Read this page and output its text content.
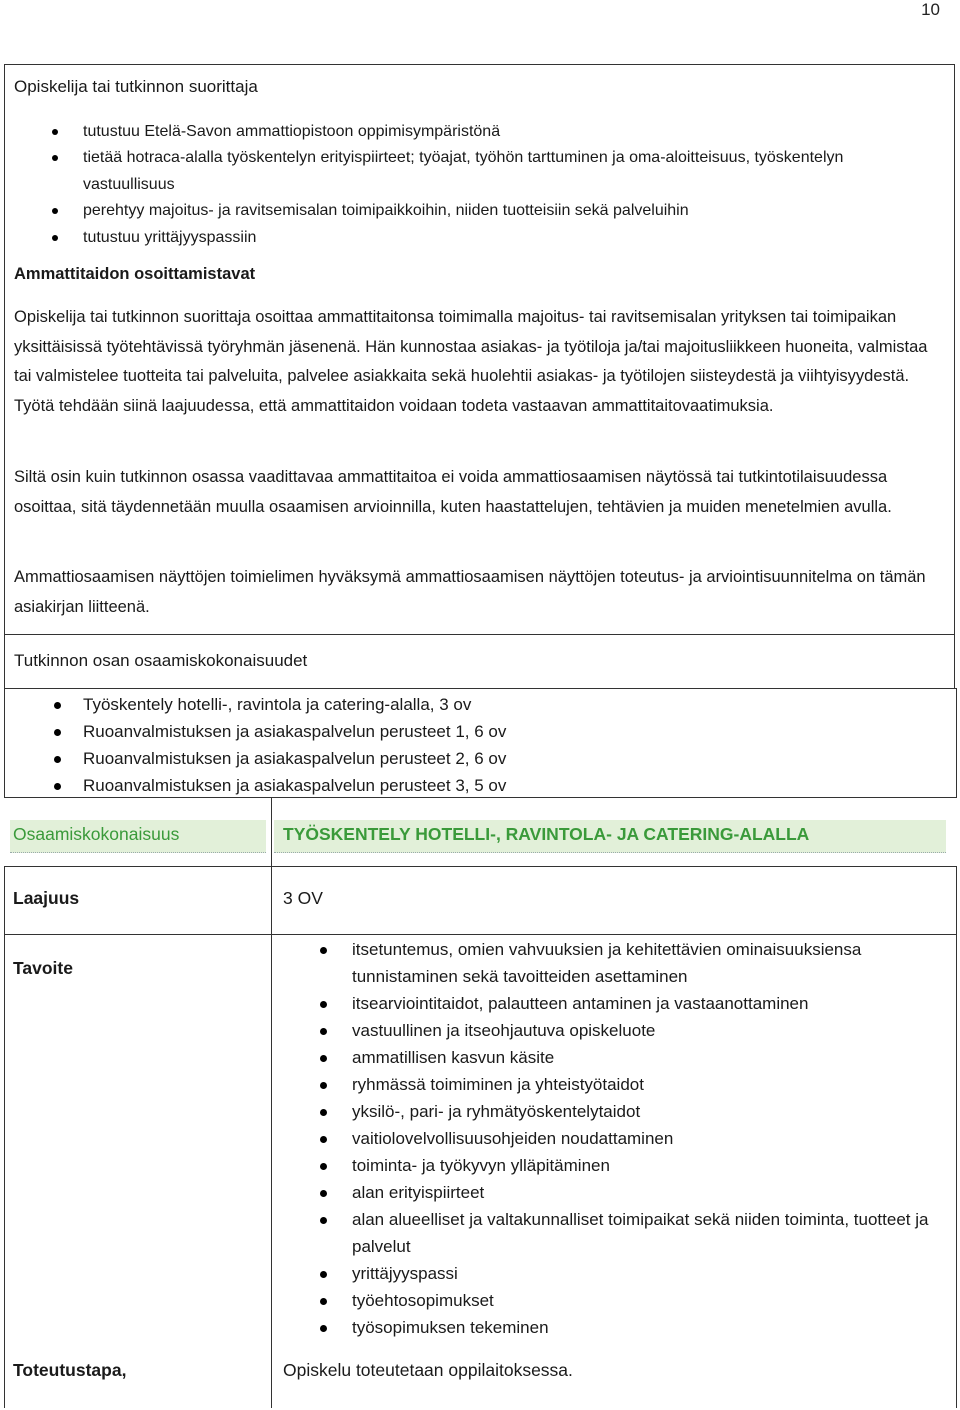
10
Opiskelija tai tutkinnon suorittaja
tutustuu Etelä-Savon ammattiopistoon oppimisympäristönä
tietää hotraca-alalla työskentelyn erityispiirteet; työajat, työhön tarttuminen ja oma-aloitteisuus, työskentelyn vastuullisuus
perehtyy majoitus- ja ravitsemisalan toimipaikkoihin, niiden tuotteisiin sekä palveluihin
tutustuu yrittäjyyspassiin
Ammattitaidon osoittamistavat

Opiskelija tai tutkinnon suorittaja osoittaa ammattitaitonsa toimimalla majoitus- tai ravitsemisalan yrityksen tai toimipaikan yksittäisissä työtehtävissä työryhmän jäsenenä. Hän kunnostaa asiakas- ja työtiloja ja/tai majoitusliikkeen huoneita, valmistaa tai valmistelee tuotteita tai palveluita, palvelee asiakkaita sekä huolehtii asiakas- ja työtilojen siisteydestä ja viihtyisyydestä. Työtä tehdään siinä laajuudessa, että ammattitaidon voidaan todeta vastaavan ammattitaitovaatimuksia.

Siltä osin kuin tutkinnon osassa vaadittavaa ammattitaitoa ei voida ammattiosaamisen näytössä tai tutkintotilaisuudessa osoittaa, sitä täydennetään muulla osaamisen arvioinnilla, kuten haastattelujen, tehtävien ja muiden menetelmien avulla.

Ammattiosaamisen näyttöjen toimielimen hyväksymä ammattiosaamisen näyttöjen toteutus- ja arviointisuunnitelma on tämän asiakirjan liitteenä.

Tutkinnon osan osaamiskokonaisuudet
Työskentely hotelli-, ravintola ja catering-alalla, 3 ov
Ruoanvalmistuksen ja asiakaspalvelun perusteet 1, 6 ov
Ruoanvalmistuksen ja asiakaspalvelun perusteet 2, 6 ov
Ruoanvalmistuksen ja asiakaspalvelun perusteet 3, 5 ov
Osaamiskokonaisuus	TYÖSKENTELY HOTELLI-, RAVINTOLA- JA CATERING-ALALLA
Laajuus	3 OV
Tavoite
itsetuntemus, omien vahvuuksien ja kehitettävien ominaisuuksiensa tunnistaminen sekä tavoitteiden asettaminen
itsearviointitaidot, palautteen antaminen ja vastaanottaminen
vastuullinen ja itseohjautuva opiskeluote
ammatillisen kasvun käsite
ryhmässä toimiminen ja yhteistyötaidot
yksilö-, pari- ja ryhmätyöskentelytaidot
vaitiolovelvollisuusohjeiden noudattaminen
toiminta- ja työkyvyn ylläpitäminen
alan erityispiirteet
alan alueelliset ja valtakunnalliset toimipaikat sekä niiden toiminta, tuotteet ja palvelut
yrittäjyyspassi
työehtosopimukset
työsopimuksen tekeminen
Toteutustapa,	Opiskelu toteutetaan oppilaitoksessa.
